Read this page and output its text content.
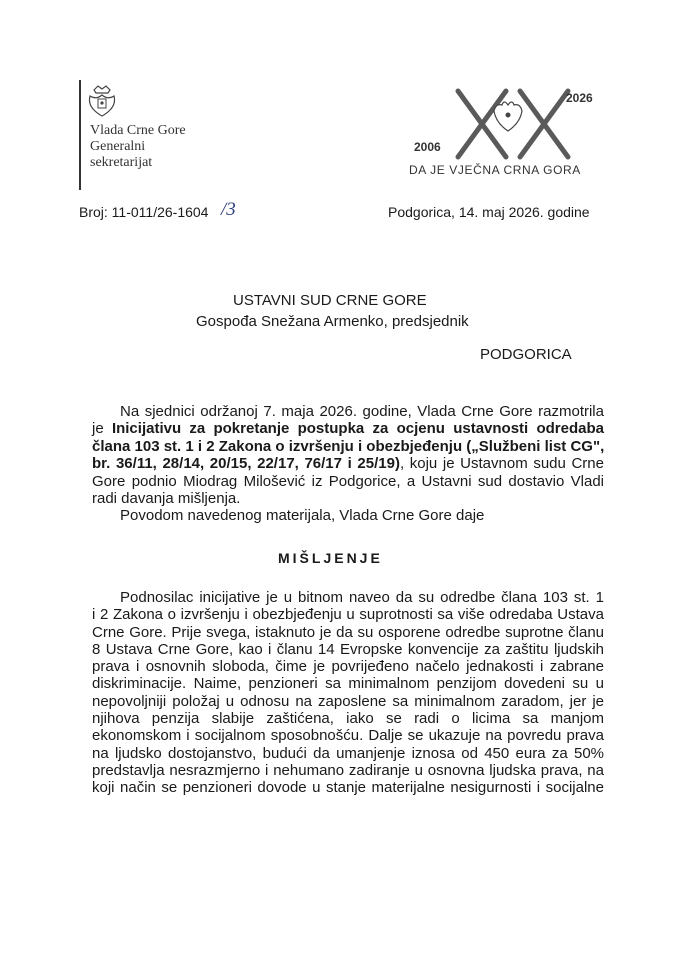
Vlada Crne Gore
Generalni
sekretarijat
2026
2006
DA JE VJEČNA CRNA GORA
Broj: 11-011/26-1604 /3	Podgorica, 14. maj 2026. godine
USTAVNI SUD CRNE GORE
Gospođa Snežana Armenko, predsjednik
PODGORICA
Na sjednici održanoj 7. maja 2026. godine, Vlada Crne Gore razmotrila
je Inicijativu za pokretanje postupka za ocjenu ustavnosti odredaba
člana 103 st. 1 i 2 Zakona o izvršenju i obezbjeđenju („Službeni list CG",
br. 36/11, 28/14, 20/15, 22/17, 76/17 i 25/19), koju je Ustavnom sudu Crne
Gore podnio Miodrag Milošević iz Podgorice, a Ustavni sud dostavio Vladi
radi davanja mišljenja.
Povodom navedenog materijala, Vlada Crne Gore daje
MIŠLJENJE
Podnosilac inicijative je u bitnom naveo da su odredbe člana 103 st. 1
i 2 Zakona o izvršenju i obezbjeđenju u suprotnosti sa više odredaba Ustava
Crne Gore. Prije svega, istaknuto je da su osporene odredbe suprotne članu
8 Ustava Crne Gore, kao i članu 14 Evropske konvencije za zaštitu ljudskih
prava i osnovnih sloboda, čime je povrijeđeno načelo jednakosti i zabrane
diskriminacije. Naime, penzioneri sa minimalnom penzijom dovedeni su u
nepovoljniji položaj u odnosu na zaposlene sa minimalnom zaradom, jer je
njihova penzija slabije zaštićena, iako se radi o licima sa manjom
ekonomskom i socijalnom sposobnošću. Dalje se ukazuje na povredu prava
na ljudsko dostojanstvo, budući da umanjenje iznosa od 450 eura za 50%
predstavlja nesrazmjerno i nehumano zadiranje u osnovna ljudska prava, na
koji način se penzioneri dovode u stanje materijalne nesigurnosti i socijalne
